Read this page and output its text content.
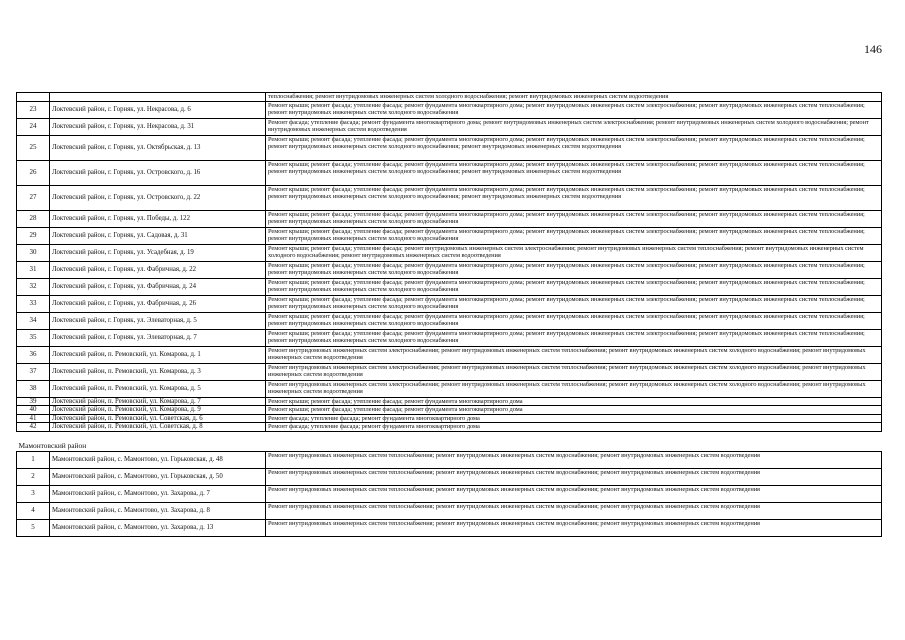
146
		теплоснабжения; ремонт внутридомовых инженерных систем холодного водоснабжения; ремонт внутридомовых инженерных систем водоотведения
23	Локтевский район, г. Горняк, ул. Некрасова, д. 6	Ремонт крыши; ремонт фасада; утепление фасада; ремонт фундамента многоквартирного дома; ремонт внутридомовых инженерных систем электроснабжения; ремонт внутридомовых инженерных систем теплоснабжения; ремонт внутридомовых инженерных систем холодного водоснабжения
24	Локтевский район, г. Горняк, ул. Некрасова, д. 31	Ремонт фасада; утепление фасада; ремонт фундамента многоквартирного дома; ремонт внутридомовых инженерных систем электроснабжения; ремонт внутридомовых инженерных систем холодного водоснабжения; ремонт внутридомовых инженерных систем водоотведения
25	Локтевский район, г. Горняк, ул. Октябрьская, д. 13	Ремонт крыши; ремонт фасада; утепление фасада; ремонт фундамента многоквартирного дома; ремонт внутридомовых инженерных систем электроснабжения; ремонт внутридомовых инженерных систем теплоснабжения; ремонт внутридомовых инженерных систем холодного водоснабжения; ремонт внутридомовых инженерных систем водоотведения
26	Локтевский район, г. Горняк, ул. Островского, д. 16	Ремонт крыши; ремонт фасада; утепление фасада; ремонт фундамента многоквартирного дома; ремонт внутридомовых инженерных систем электроснабжения; ремонт внутридомовых инженерных систем теплоснабжения; ремонт внутридомовых инженерных систем холодного водоснабжения; ремонт внутридомовых инженерных систем водоотведения
27	Локтевский район, г. Горняк, ул. Островского, д. 22	Ремонт крыши; ремонт фасада; утепление фасада; ремонт фундамента многоквартирного дома; ремонт внутридомовых инженерных систем электроснабжения; ремонт внутридомовых инженерных систем теплоснабжения; ремонт внутридомовых инженерных систем холодного водоснабжения; ремонт внутридомовых инженерных систем водоотведения
28	Локтевский район, г. Горняк, ул. Победы, д. 122	Ремонт крыши; ремонт фасада; утепление фасада; ремонт фундамента многоквартирного дома; ремонт внутридомовых инженерных систем электроснабжения; ремонт внутридомовых инженерных систем теплоснабжения; ремонт внутридомовых инженерных систем холодного водоснабжения
29	Локтевский район, г. Горняк, ул. Садовая, д. 31	Ремонт крыши; ремонт фасада; утепление фасада; ремонт фундамента многоквартирного дома; ремонт внутридомовых инженерных систем электроснабжения; ремонт внутридомовых инженерных систем теплоснабжения; ремонт внутридомовых инженерных систем холодного водоснабжения
30	Локтевский район, г. Горняк, ул. Усадебная, д. 19	Ремонт крыши; ремонт фасада; утепление фасада; ремонт внутридомовых инженерных систем электроснабжения; ремонт внутридомовых инженерных систем теплоснабжения; ремонт внутридомовых инженерных систем холодного водоснабжения; ремонт внутридомовых инженерных систем водоотведения
31	Локтевский район, г. Горняк, ул. Фабричная, д. 22	Ремонт крыши; ремонт фасада; утепление фасада; ремонт фундамента многоквартирного дома; ремонт внутридомовых инженерных систем электроснабжения; ремонт внутридомовых инженерных систем теплоснабжения; ремонт внутридомовых инженерных систем холодного водоснабжения
32	Локтевский район, г. Горняк, ул. Фабричная, д. 24	Ремонт крыши; ремонт фасада; утепление фасада; ремонт фундамента многоквартирного дома; ремонт внутридомовых инженерных систем электроснабжения; ремонт внутридомовых инженерных систем теплоснабжения; ремонт внутридомовых инженерных систем холодного водоснабжения
33	Локтевский район, г. Горняк, ул. Фабричная, д. 26	Ремонт крыши; ремонт фасада; утепление фасада; ремонт фундамента многоквартирного дома; ремонт внутридомовых инженерных систем электроснабжения; ремонт внутридомовых инженерных систем теплоснабжения; ремонт внутридомовых инженерных систем холодного водоснабжения
34	Локтевский район, г. Горняк, ул. Элеваторная, д. 5	Ремонт крыши; ремонт фасада; утепление фасада; ремонт фундамента многоквартирного дома; ремонт внутридомовых инженерных систем электроснабжения; ремонт внутридомовых инженерных систем теплоснабжения; ремонт внутридомовых инженерных систем холодного водоснабжения
35	Локтевский район, г. Горняк, ул. Элеваторная, д. 7	Ремонт крыши; ремонт фасада; утепление фасада; ремонт фундамента многоквартирного дома; ремонт внутридомовых инженерных систем электроснабжения; ремонт внутридомовых инженерных систем теплоснабжения; ремонт внутридомовых инженерных систем холодного водоснабжения
36	Локтевский район, п. Ремовский, ул. Комарова, д. 1	Ремонт внутридомовых инженерных систем электроснабжения; ремонт внутридомовых инженерных систем теплоснабжения; ремонт внутридомовых инженерных систем холодного водоснабжения; ремонт внутридомовых инженерных систем водоотведения
37	Локтевский район, п. Ремовский, ул. Комарова, д. 3	Ремонт внутридомовых инженерных систем электроснабжения; ремонт внутридомовых инженерных систем теплоснабжения; ремонт внутридомовых инженерных систем холодного водоснабжения; ремонт внутридомовых инженерных систем водоотведения
38	Локтевский район, п. Ремовский, ул. Комарова, д. 5	Ремонт внутридомовых инженерных систем электроснабжения; ремонт внутридомовых инженерных систем теплоснабжения; ремонт внутридомовых инженерных систем холодного водоснабжения; ремонт внутридомовых инженерных систем водоотведения
39	Локтевский район, п. Ремовский, ул. Комарова, д. 7	Ремонт крыши; ремонт фасада; утепление фасада; ремонт фундамента многоквартирного дома
40	Локтевский район, п. Ремовский, ул. Комарова, д. 9	Ремонт крыши; ремонт фасада; утепление фасада; ремонт фундамента многоквартирного дома
41	Локтевский район, п. Ремовский, ул. Советская, д. 6	Ремонт фасада; утепление фасада; ремонт фундамента многоквартирного дома
42	Локтевский район, п. Ремовский, ул. Советская, д. 8	Ремонт фасада; утепление фасада; ремонт фундамента многоквартирного дома

Мамонтовский район		
1	Мамонтовский район, с. Мамонтово, ул. Горьковская, д. 48	Ремонт внутридомовых инженерных систем теплоснабжения; ремонт внутридомовых инженерных систем водоснабжения; ремонт внутридомовых инженерных систем водоотведения
2	Мамонтовский район, с. Мамонтово, ул. Горьковская, д. 50	Ремонт внутридомовых инженерных систем теплоснабжения; ремонт внутридомовых инженерных систем водоснабжения; ремонт внутридомовых инженерных систем водоотведения
3	Мамонтовский район, с. Мамонтово, ул. Захарова, д. 7	Ремонт внутридомовых инженерных систем теплоснабжения; ремонт внутридомовых инженерных систем водоснабжения; ремонт внутридомовых инженерных систем водоотведения
4	Мамонтовский район, с. Мамонтово, ул. Захарова, д. 8	Ремонт внутридомовых инженерных систем теплоснабжения; ремонт внутридомовых инженерных систем водоснабжения; ремонт внутридомовых инженерных систем водоотведения
5	Мамонтовский район, с. Мамонтово, ул. Захарова, д. 13	Ремонт внутридомовых инженерных систем теплоснабжения; ремонт внутридомовых инженерных систем водоснабжения; ремонт внутридомовых инженерных систем водоотведения
